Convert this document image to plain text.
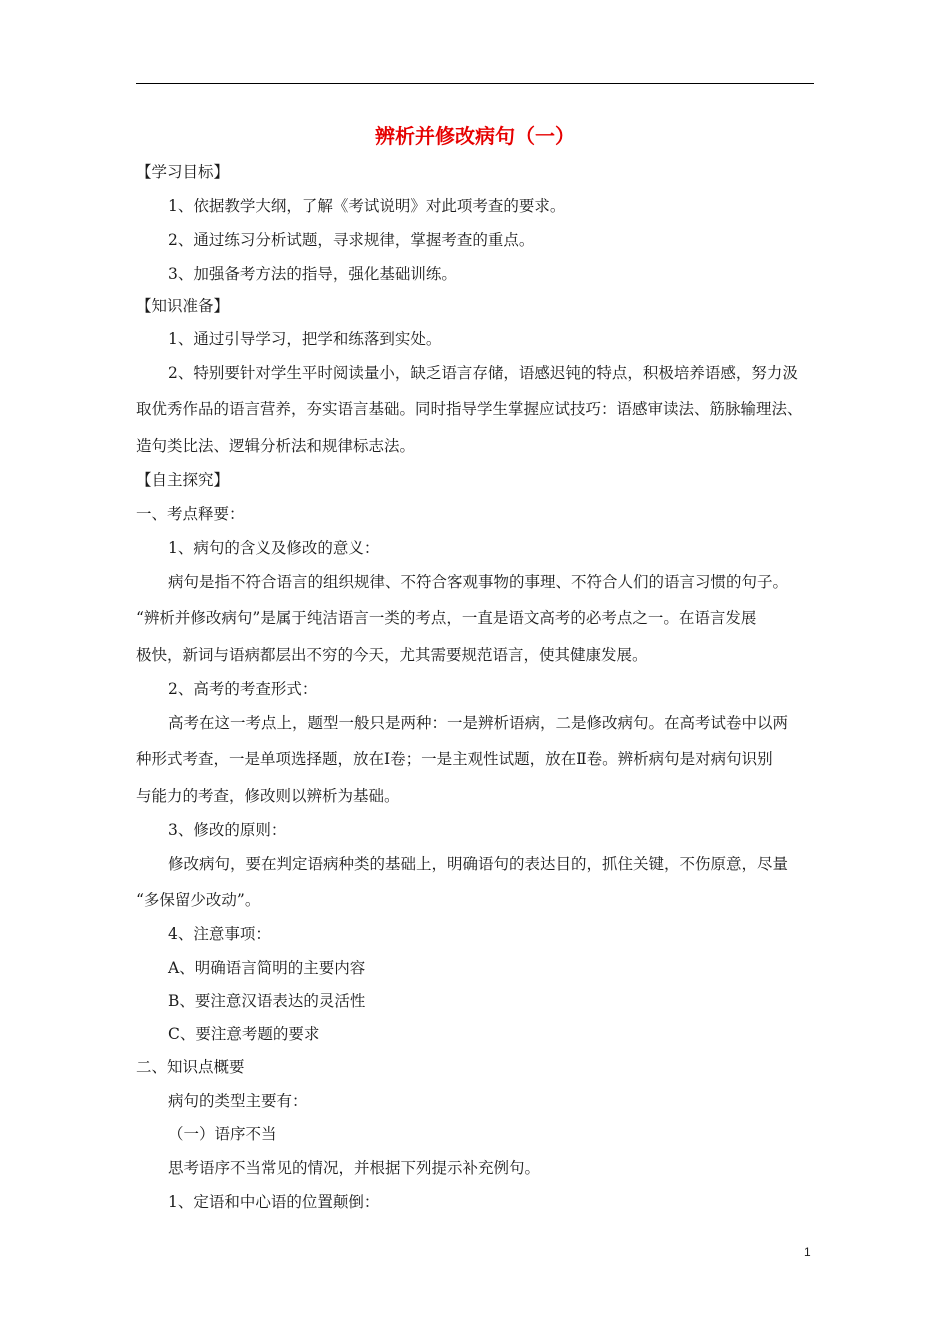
辨析并修改病句（一）
【学习目标】
1、依据教学大纲，了解《考试说明》对此项考查的要求。
2、通过练习分析试题，寻求规律，掌握考查的重点。
3、加强备考方法的指导，强化基础训练。
【知识准备】
1、通过引导学习，把学和练落到实处。
2、特别要针对学生平时阅读量小，缺乏语言存储，语感迟钝的特点，积极培养语感，努力汲
取优秀作品的语言营养，夯实语言基础。同时指导学生掌握应试技巧：语感审读法、筋脉输理法、
造句类比法、逻辑分析法和规律标志法。
【自主探究】
一、考点释要：
1、病句的含义及修改的意义：
病句是指不符合语言的组织规律、不符合客观事物的事理、不符合人们的语言习惯的句子。
“辨析并修改病句”是属于纯洁语言一类的考点，一直是语文高考的必考点之一。在语言发展
极快，新词与语病都层出不穷的今天，尤其需要规范语言，使其健康发展。
2、高考的考查形式：
高考在这一考点上，题型一般只是两种：一是辨析语病，二是修改病句。在高考试卷中以两
种形式考查，一是单项选择题，放在Ⅰ卷；一是主观性试题，放在Ⅱ卷。辨析病句是对病句识别
与能力的考查，修改则以辨析为基础。
3、修改的原则：
修改病句，要在判定语病种类的基础上，明确语句的表达目的，抓住关键，不伤原意，尽量
“多保留少改动”。
4、注意事项：
A、明确语言简明的主要内容
B、要注意汉语表达的灵活性
C、要注意考题的要求
二、知识点概要
病句的类型主要有：
（一）语序不当
思考语序不当常见的情况，并根据下列提示补充例句。
1、定语和中心语的位置颠倒：
1
